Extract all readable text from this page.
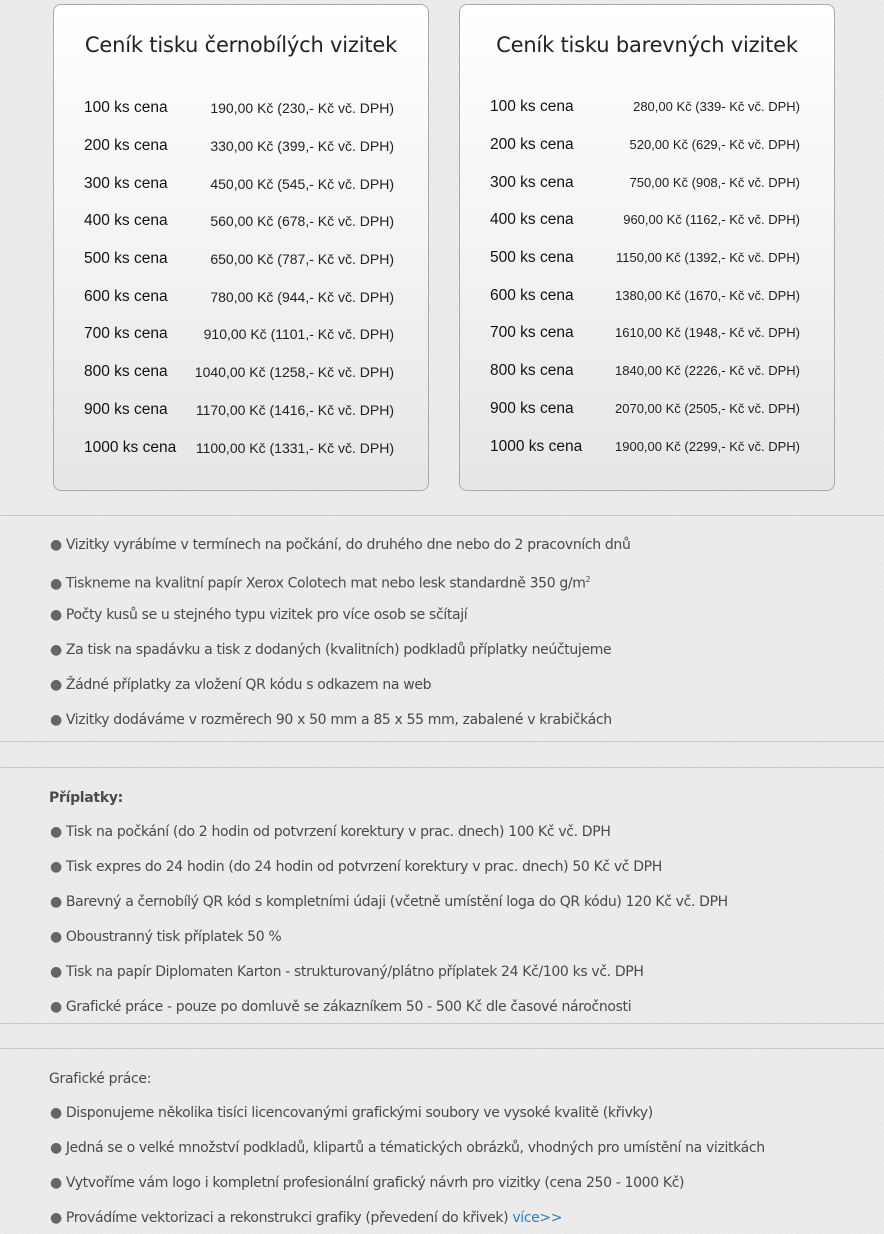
Ceník tisku černobílých vizitek
100 ks cena	190,00 Kč (230,- Kč vč. DPH)
200 ks cena	330,00 Kč (399,- Kč vč. DPH)
300 ks cena	450,00 Kč (545,- Kč vč. DPH)
400 ks cena	560,00 Kč (678,- Kč vč. DPH)
500 ks cena	650,00 Kč (787,- Kč vč. DPH)
600 ks cena	780,00 Kč (944,- Kč vč. DPH)
700 ks cena	910,00 Kč (1101,- Kč vč. DPH)
800 ks cena 1040,00 Kč (1258,- Kč vč. DPH)
900 ks cena 1170,00 Kč (1416,- Kč vč. DPH)
1000 ks cena 1100,00 Kč (1331,- Kč vč. DPH)
Ceník tisku barevných vizitek
100 ks cena	280,00 Kč (339- Kč vč. DPH)
200 ks cena	520,00 Kč (629,- Kč vč. DPH)
300 ks cena	750,00 Kč (908,- Kč vč. DPH)
400 ks cena	960,00 Kč (1162,- Kč vč. DPH)
500 ks cena	1150,00 Kč (1392,- Kč vč. DPH)
600 ks cena	1380,00 Kč (1670,- Kč vč. DPH)
700 ks cena	1610,00 Kč (1948,- Kč vč. DPH)
800 ks cena	1840,00 Kč (2226,- Kč vč. DPH)
900 ks cena	2070,00 Kč (2505,- Kč vč. DPH)
1000 ks cena	1900,00 Kč (2299,- Kč vč. DPH)
● Vizitky vyrábíme v termínech na počkání, do druhého dne nebo do 2 pracovních dnů
● Tiskneme na kvalitní papír Xerox Colotech mat nebo lesk standardně 350 $g/m^2$
● Počty kusů se u stejného typu vizitek pro více osob se sčítají
● Za tisk na spadávku a tisk z dodaných (kvalitních) podkladů příplatky neúčtujeme
● Žádné příplatky za vložení QR kódu s odkazem na web
● Vizitky dodáváme v rozměrech 90 x 50 mm a 85 x 55 mm, zabalené v krabičkách
Příplatky:
● Tisk na počkání (do 2 hodin od potvrzení korektury v prac. dnech) 100 Kč vč. DPH
● Tisk expres do 24 hodin (do 24 hodin od potvrzení korektury v prac. dnech) 50 Kč vč DPH
● Barevný a černobílý QR kód s kompletními údaji (včetně umístění loga do QR kódu) 120 Kč vč. DPH
● Oboustranný tisk příplatek 50 %
● Tisk na papír Diplomaten Karton - strukturovaný/plátno příplatek 24 Kč/100 ks vč. DPH
● Grafické práce - pouze po domluvě se zákazníkem 50 - 500 Kč dle časové náročnosti
Grafické práce:
● Disponujeme několika tisíci licencovanými grafickými soubory ve vysoké kvalitě (křivky)
● Jedná se o velké množství podkladů, klipartů a tématických obrázků, vhodných pro umístění na vizitkách
● Vytvoříme vám logo i kompletní profesionální grafický návrh pro vizitky (cena 250 - 1000 Kč)
● Provádíme vektorizaci a rekonstrukci grafiky (převedení do křivek) více>>
